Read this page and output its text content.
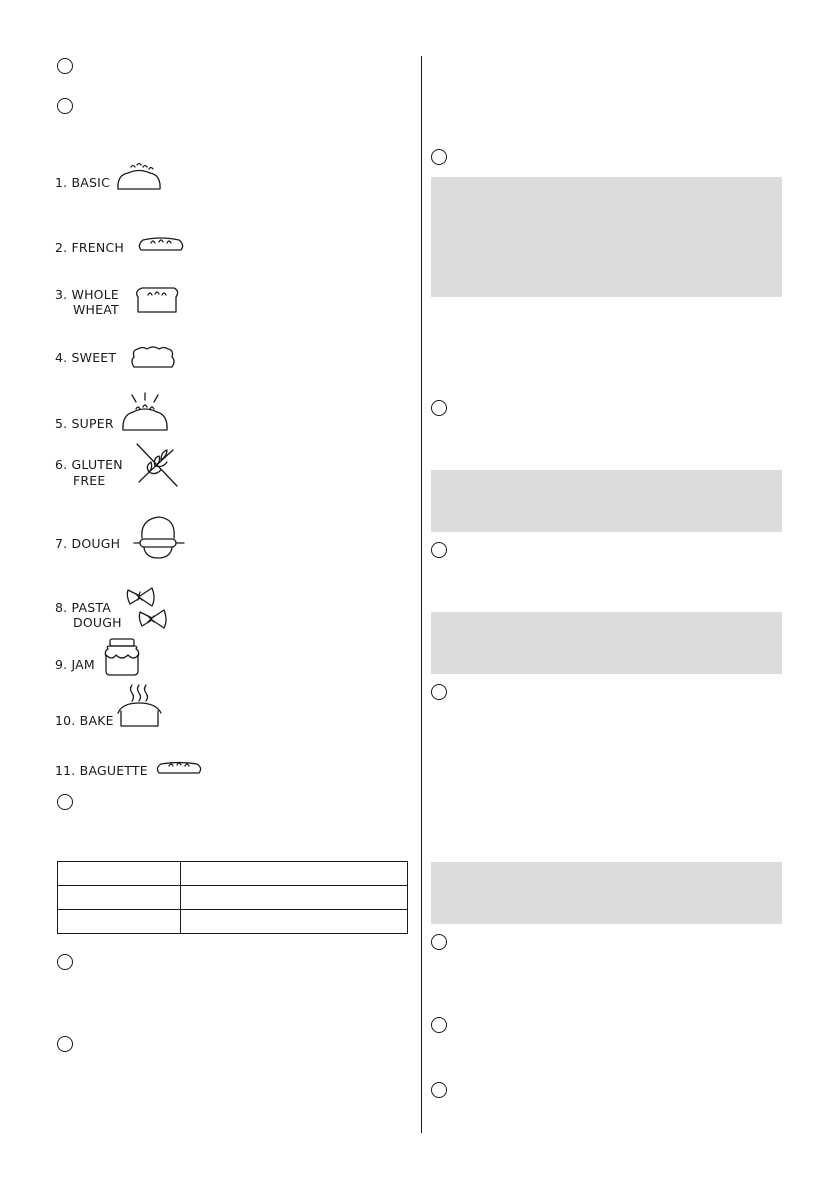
1. BASIC
2. FRENCH
3. WHOLE
WHEAT
4. SWEET
5. SUPER
6. GLUTEN
FREE
7. DOUGH
8. PASTA
DOUGH
9. JAM
10. BAKE
11. BAGUETTE
